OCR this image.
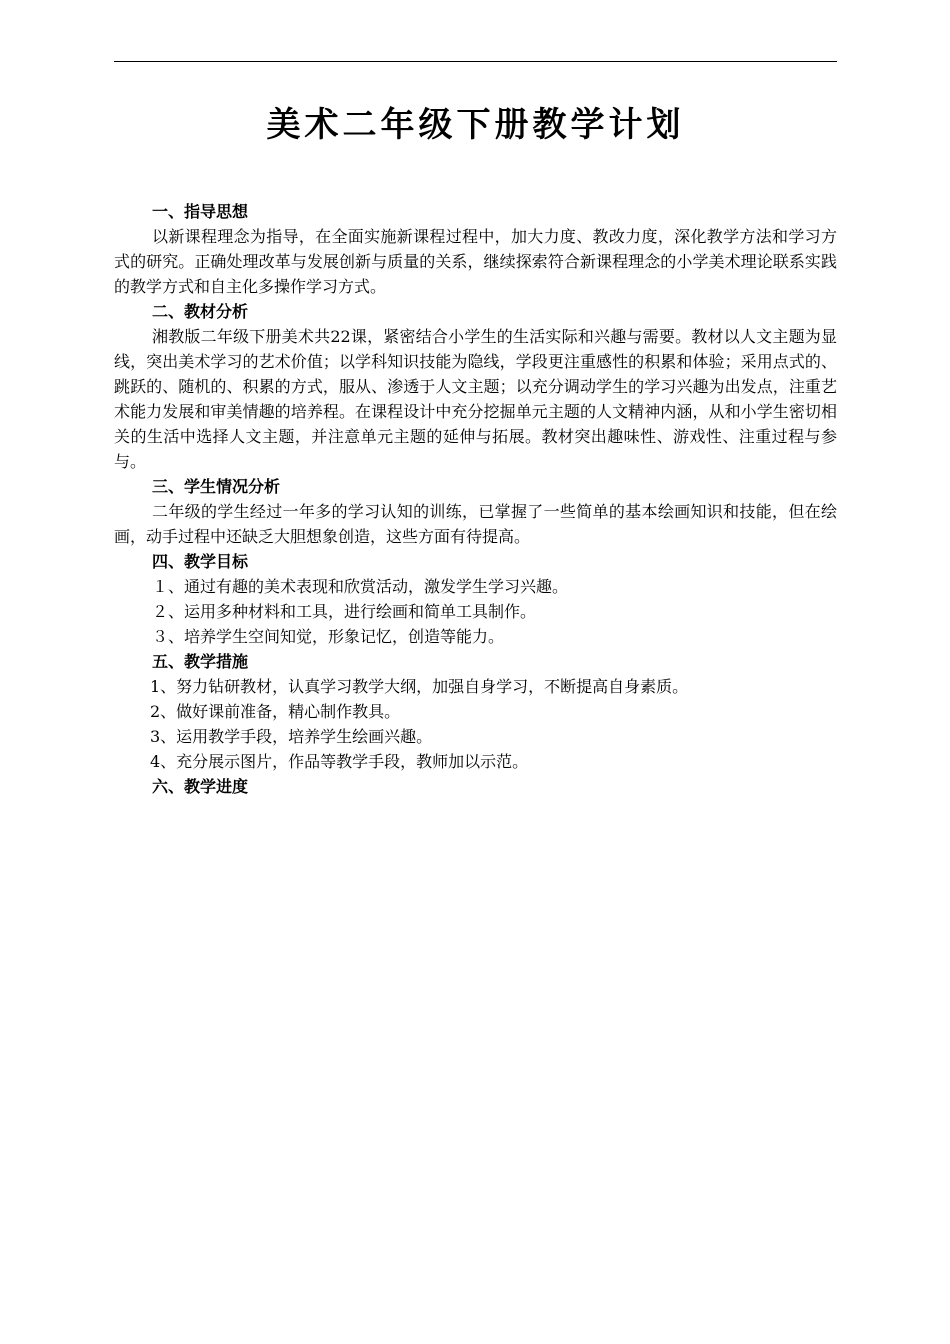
美术二年级下册教学计划
一、指导思想

以新课程理念为指导，在全面实施新课程过程中，加大力度、教改力度，深化教学方法和学习方式的研究。正确处理改革与发展创新与质量的关系，继续探索符合新课程理念的小学美术理论联系实践的教学方式和自主化多操作学习方式。

二、教材分析

湘教版二年级下册美术共22课，紧密结合小学生的生活实际和兴趣与需要。教材以人文主题为显线，突出美术学习的艺术价值；以学科知识技能为隐线，学段更注重感性的积累和体验；采用点式的、跳跃的、随机的、积累的方式，服从、渗透于人文主题；以充分调动学生的学习兴趣为出发点，注重艺术能力发展和审美情趣的培养程。在课程设计中充分挖掘单元主题的人文精神内涵，从和小学生密切相关的生活中选择人文主题，并注意单元主题的延伸与拓展。教材突出趣味性、游戏性、注重过程与参与。

三、学生情况分析

二年级的学生经过一年多的学习认知的训练，已掌握了一些简单的基本绘画知识和技能，但在绘画，动手过程中还缺乏大胆想象创造，这些方面有待提高。

四、教学目标
１、通过有趣的美术表现和欣赏活动，激发学生学习兴趣。
２、运用多种材料和工具，进行绘画和简单工具制作。
３、培养学生空间知觉，形象记忆，创造等能力。
五、教学措施
1、努力钻研教材，认真学习教学大纲，加强自身学习，不断提高自身素质。
2、做好课前准备，精心制作教具。
3、运用教学手段，培养学生绘画兴趣。
4、充分展示图片，作品等教学手段，教师加以示范。
六、教学进度
